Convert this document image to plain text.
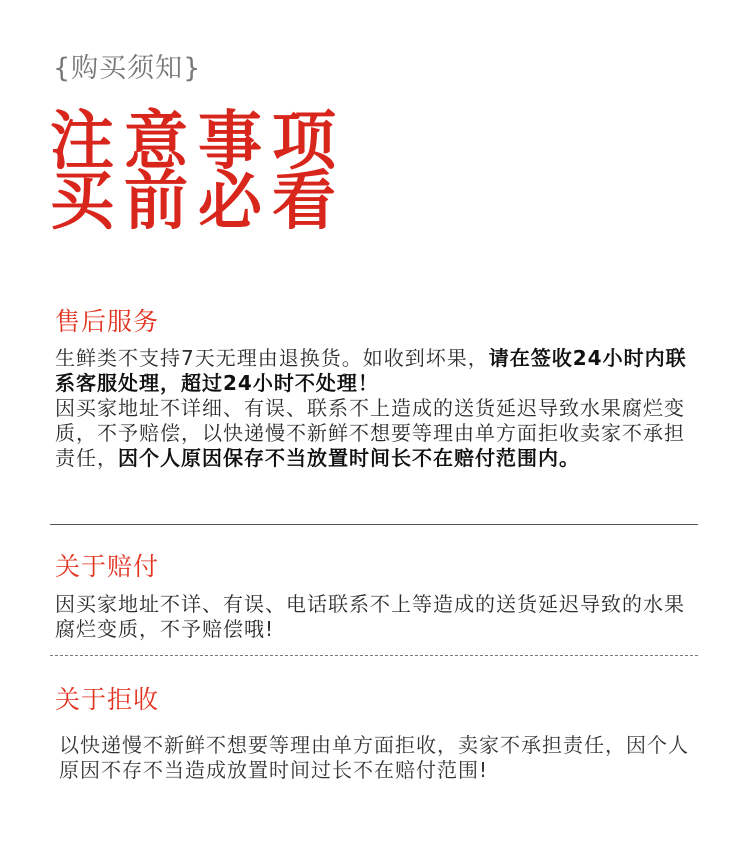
{购买须知}
注意事项
买前必看
售后服务
生鲜类不支持7天无理由退换货。如收到坏果，请在签收24小时内联系客服处理，超过24小时不处理！
因买家地址不详细、有误、联系不上造成的送货延迟导致水果腐烂变质，不予赔偿，以快递慢不新鲜不想要等理由单方面拒收卖家不承担责任，因个人原因保存不当放置时间长不在赔付范围内。
关于赔付
因买家地址不详、有误、电话联系不上等造成的送货延迟导致的水果腐烂变质，不予赔偿哦!
关于拒收
以快递慢不新鲜不想要等理由单方面拒收，卖家不承担责任，因个人原因不存不当造成放置时间过长不在赔付范围!
